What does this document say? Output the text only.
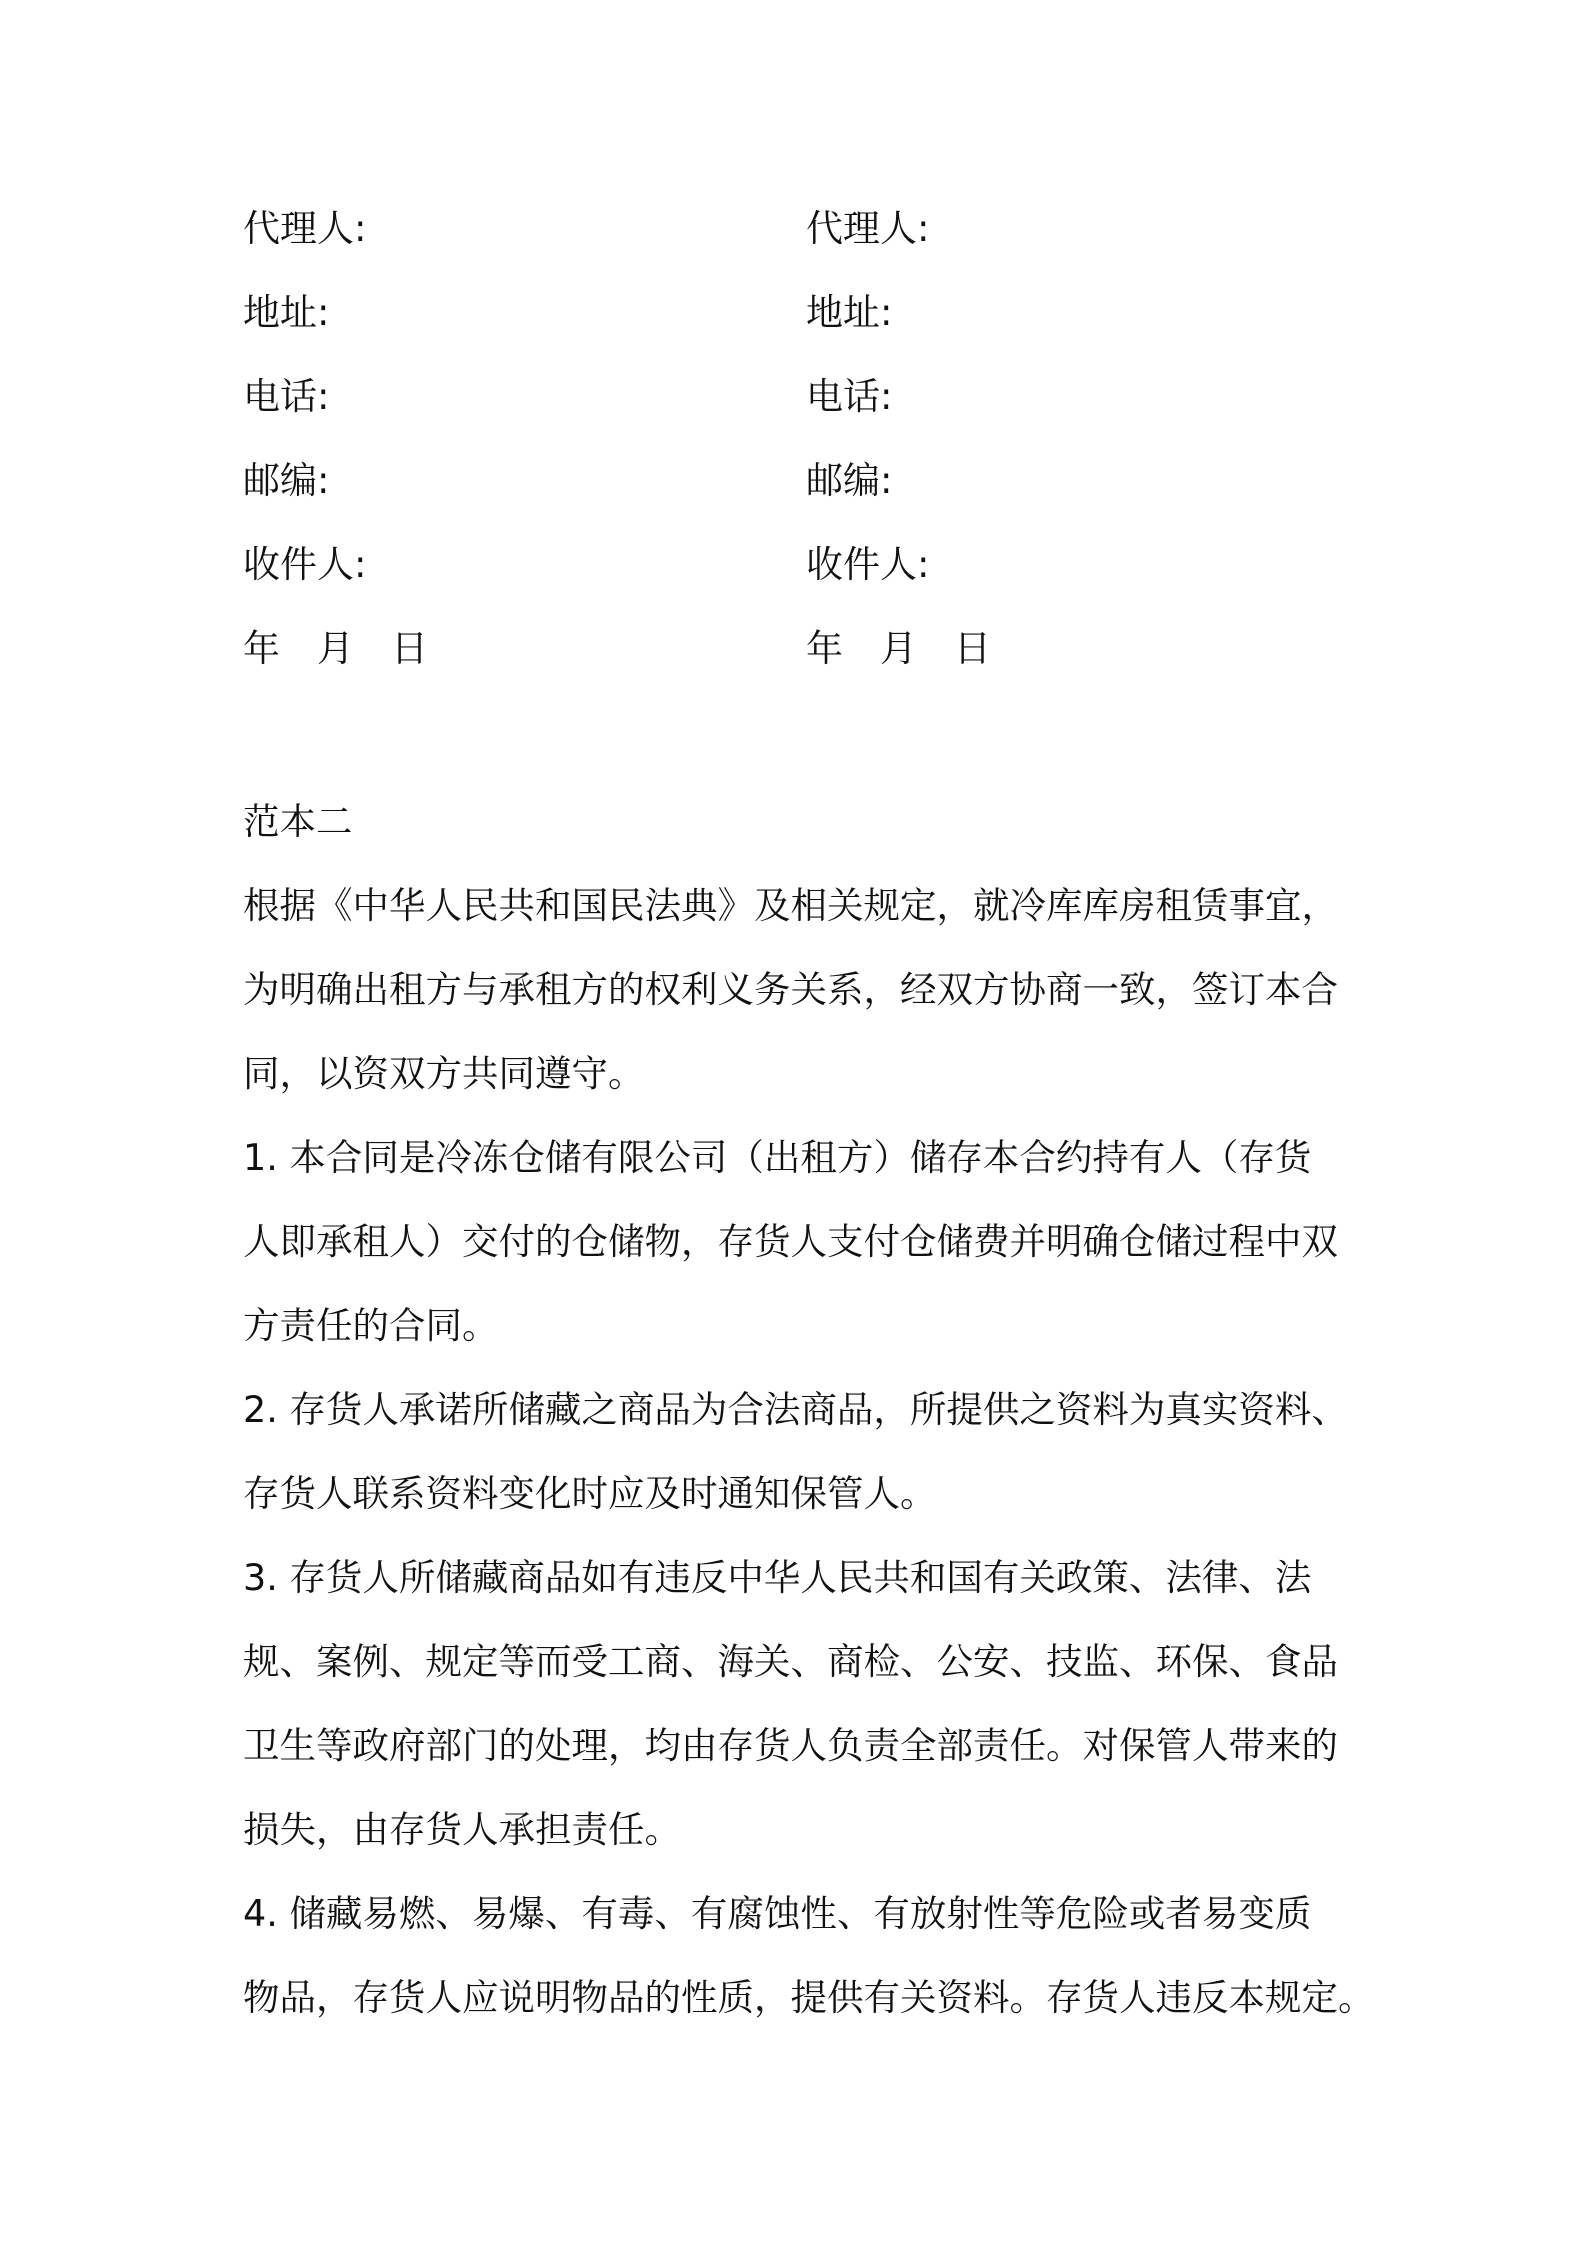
代理人:	代理人:
地址:	地址:
电话:	电话:
邮编:	邮编:
收件人:	收件人:
年 月 日	年 月 日
范本二
根据《中华人民共和国民法典》及相关规定，就冷库库房租赁事宜，
为明确出租方与承租方的权利义务关系，经双方协商一致，签订本合
同，以资双方共同遵守。
1. 本合同是冷冻仓储有限公司（出租方）储存本合约持有人（存货
人即承租人）交付的仓储物，存货人支付仓储费并明确仓储过程中双
方责任的合同。
2. 存货人承诺所储藏之商品为合法商品，所提供之资料为真实资料、
存货人联系资料变化时应及时通知保管人。
3. 存货人所储藏商品如有违反中华人民共和国有关政策、法律、法
规、案例、规定等而受工商、海关、商检、公安、技监、环保、食品
卫生等政府部门的处理，均由存货人负责全部责任。对保管人带来的
损失，由存货人承担责任。
4. 储藏易燃、易爆、有毒、有腐蚀性、有放射性等危险或者易变质
物品，存货人应说明物品的性质，提供有关资料。存货人违反本规定。
